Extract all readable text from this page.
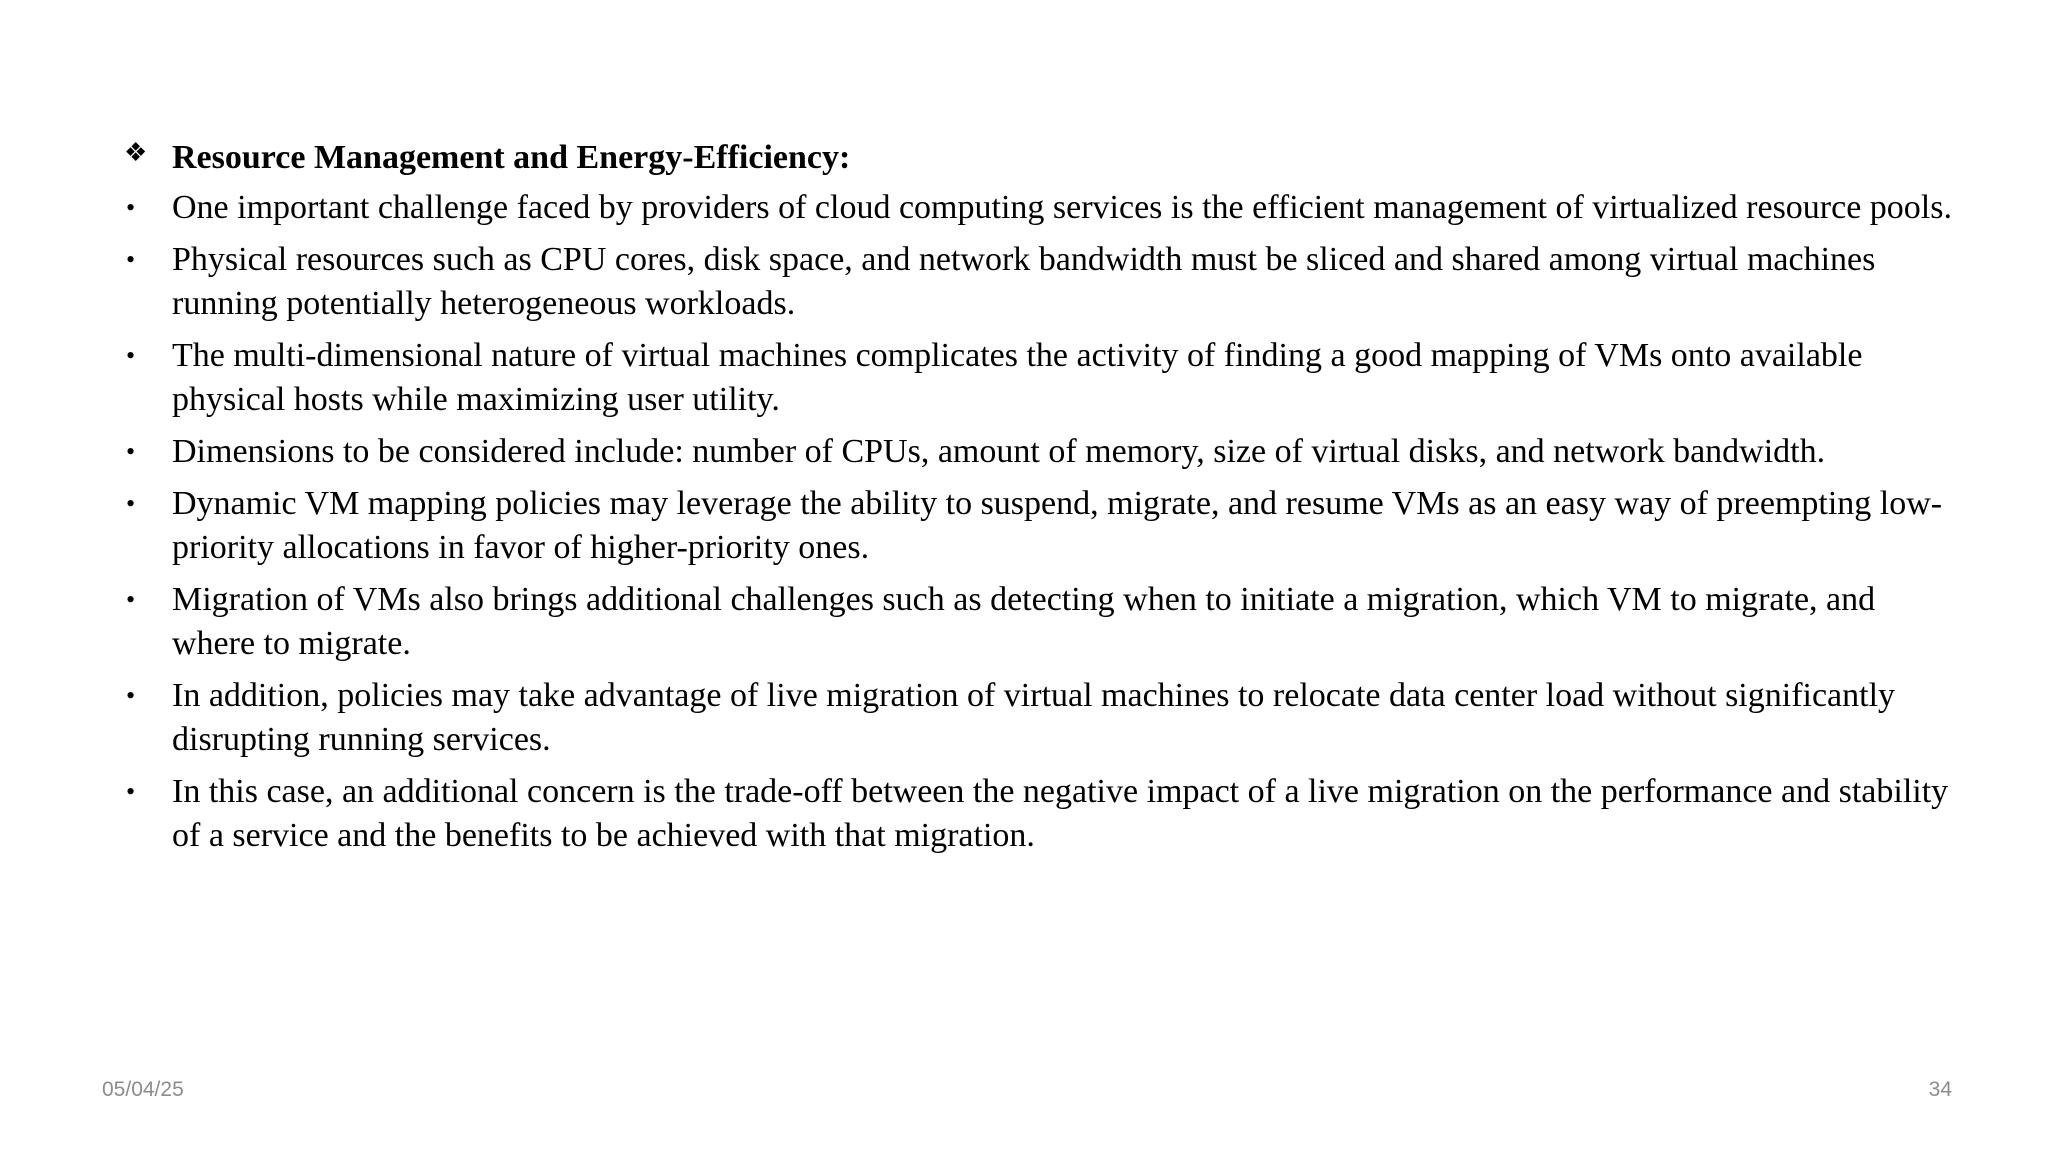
❖ Resource Management and Energy-Efficiency:
• One important challenge faced by providers of cloud computing services is the efficient management of virtualized resource pools.
• Physical resources such as CPU cores, disk space, and network bandwidth must be sliced and shared among virtual machines running potentially heterogeneous workloads.
• The multi-dimensional nature of virtual machines complicates the activity of finding a good mapping of VMs onto available physical hosts while maximizing user utility.
• Dimensions to be considered include: number of CPUs, amount of memory, size of virtual disks, and network bandwidth.
• Dynamic VM mapping policies may leverage the ability to suspend, migrate, and resume VMs as an easy way of preempting low-priority allocations in favor of higher-priority ones.
• Migration of VMs also brings additional challenges such as detecting when to initiate a migration, which VM to migrate, and where to migrate.
• In addition, policies may take advantage of live migration of virtual machines to relocate data center load without significantly disrupting running services.
• In this case, an additional concern is the trade-off between the negative impact of a live migration on the performance and stability of a service and the benefits to be achieved with that migration.
05/04/25	34
